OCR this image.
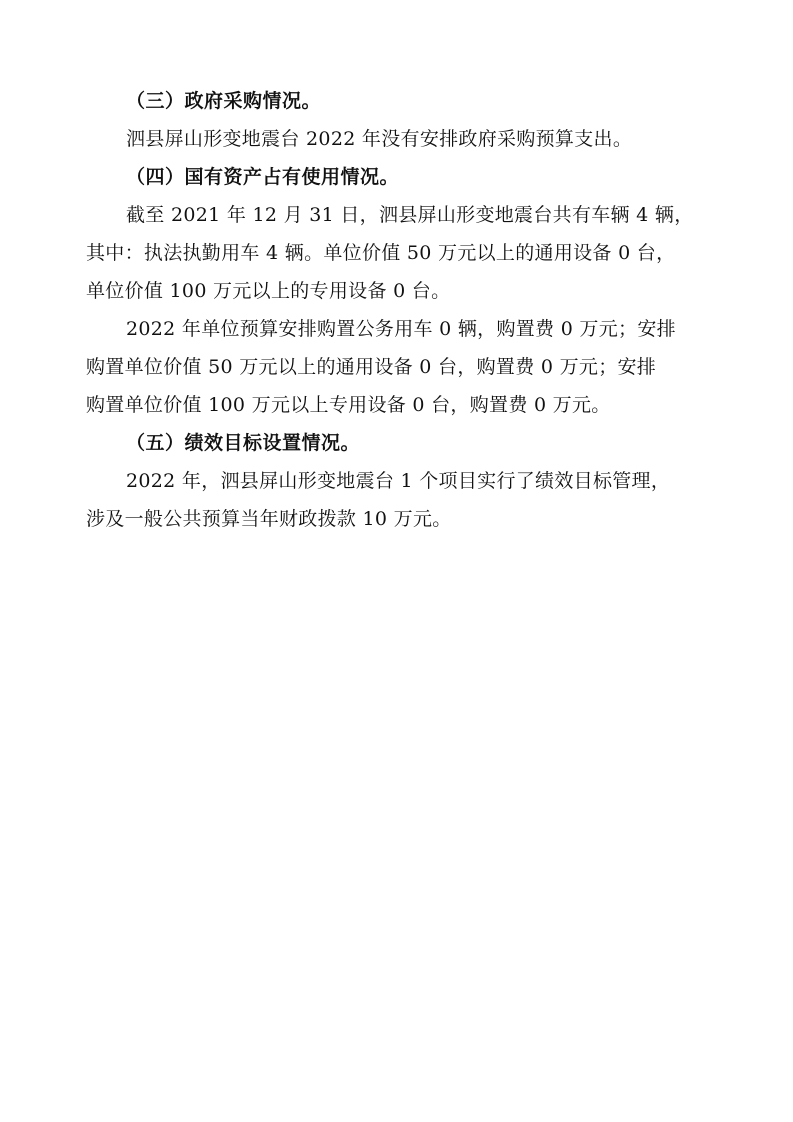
（三）政府采购情况。

泗县屏山形变地震台 2022 年没有安排政府采购预算支出。

（四）国有资产占有使用情况。

截至 2021 年 12 月 31 日，泗县屏山形变地震台共有车辆 4 辆，

其中：执法执勤用车 4 辆。单位价值 50 万元以上的通用设备 0 台，

单位价值 100 万元以上的专用设备 0 台。

2022 年单位预算安排购置公务用车 0 辆，购置费 0 万元；安排

购置单位价值 50 万元以上的通用设备 0 台，购置费 0 万元；安排

购置单位价值 100 万元以上专用设备 0 台，购置费 0 万元。

（五）绩效目标设置情况。

2022 年，泗县屏山形变地震台 1 个项目实行了绩效目标管理，

涉及一般公共预算当年财政拨款 10 万元。
